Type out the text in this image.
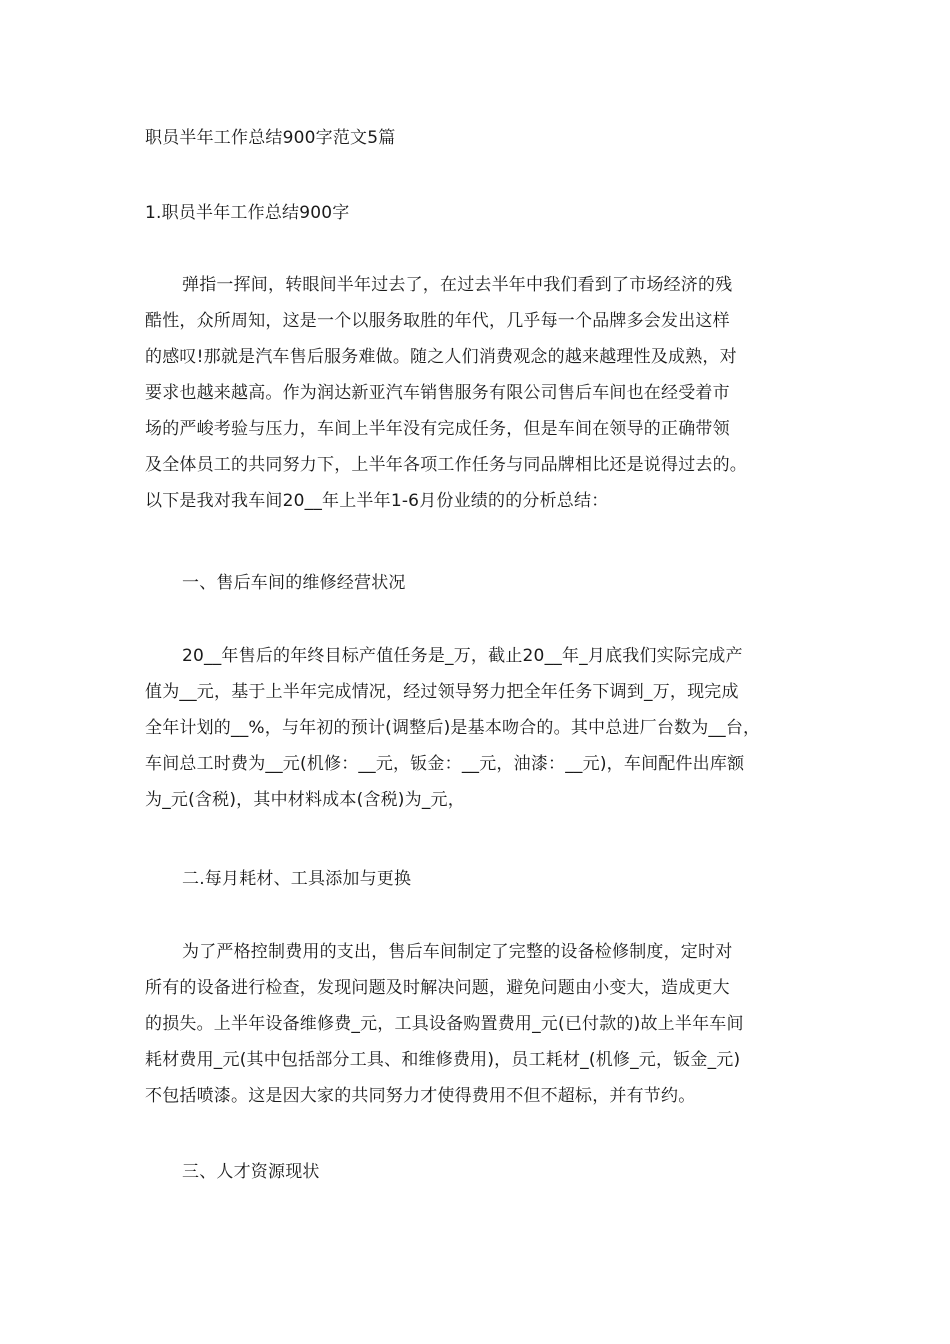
职员半年工作总结900字范文5篇
1.职员半年工作总结900字
弹指一挥间，转眼间半年过去了，在过去半年中我们看到了市场经济的残
酷性，众所周知，这是一个以服务取胜的年代，几乎每一个品牌多会发出这样
的感叹!那就是汽车售后服务难做。随之人们消费观念的越来越理性及成熟，对
要求也越来越高。作为润达新亚汽车销售服务有限公司售后车间也在经受着市
场的严峻考验与压力，车间上半年没有完成任务，但是车间在领导的正确带领
及全体员工的共同努力下，上半年各项工作任务与同品牌相比还是说得过去的。
以下是我对我车间20__年上半年1-6月份业绩的的分析总结：
一、售后车间的维修经营状况
20__年售后的年终目标产值任务是_万，截止20__年_月底我们实际完成产
值为__元，基于上半年完成情况，经过领导努力把全年任务下调到_万，现完成
全年计划的__%，与年初的预计(调整后)是基本吻合的。其中总进厂台数为__台，
车间总工时费为__元(机修：__元，钣金：__元，油漆：__元)，车间配件出库额
为_元(含税)，其中材料成本(含税)为_元，
二.每月耗材、工具添加与更换
为了严格控制费用的支出，售后车间制定了完整的设备检修制度，定时对
所有的设备进行检查，发现问题及时解决问题，避免问题由小变大，造成更大
的损失。上半年设备维修费_元，工具设备购置费用_元(已付款的)故上半年车间
耗材费用_元(其中包括部分工具、和维修费用)，员工耗材_(机修_元，钣金_元)
不包括喷漆。这是因大家的共同努力才使得费用不但不超标，并有节约。
三、人才资源现状
